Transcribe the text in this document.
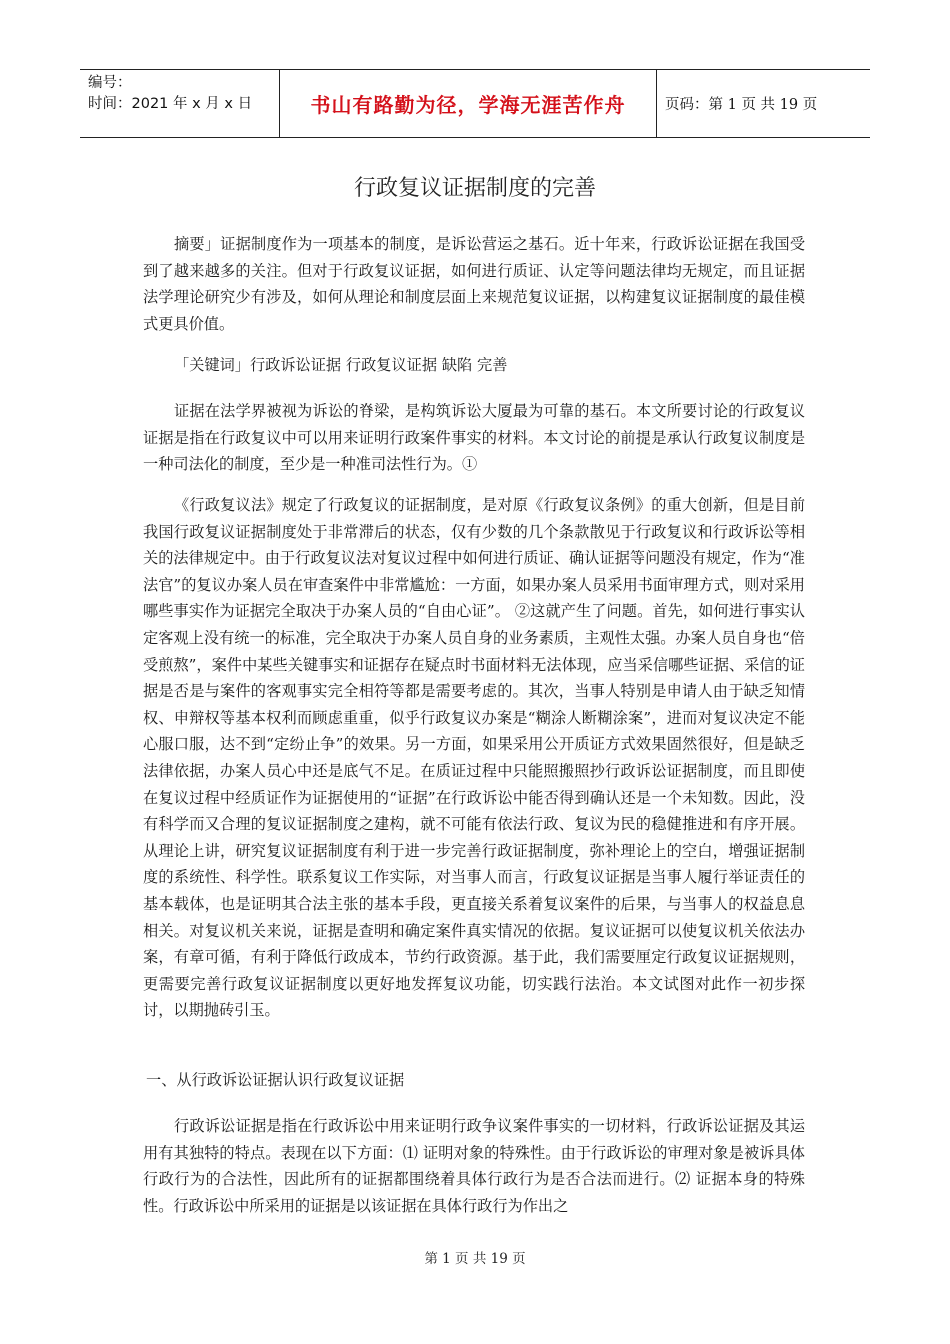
编号：
时间：2021 年 x 月 x 日	书山有路勤为径，学海无涯苦作舟	页码：第 1 页 共 19 页
行政复议证据制度的完善

摘要」证据制度作为一项基本的制度，是诉讼营运之基石。近十年来，行政诉讼证据在我国受到了越来越多的关注。但对于行政复议证据，如何进行质证、认定等问题法律均无规定，而且证据法学理论研究少有涉及，如何从理论和制度层面上来规范复议证据，以构建复议证据制度的最佳模式更具价值。

「关键词」行政诉讼证据 行政复议证据 缺陷 完善

证据在法学界被视为诉讼的脊梁，是构筑诉讼大厦最为可靠的基石。本文所要讨论的行政复议证据是指在行政复议中可以用来证明行政案件事实的材料。本文讨论的前提是承认行政复议制度是一种司法化的制度，至少是一种准司法性行为。①

《行政复议法》规定了行政复议的证据制度，是对原《行政复议条例》的重大创新，但是目前我国行政复议证据制度处于非常滞后的状态，仅有少数的几个条款散见于行政复议和行政诉讼等相关的法律规定中。由于行政复议法对复议过程中如何进行质证、确认证据等问题没有规定，作为“准法官”的复议办案人员在审查案件中非常尴尬：一方面，如果办案人员采用书面审理方式，则对采用哪些事实作为证据完全取决于办案人员的“自由心证”。 ②这就产生了问题。首先，如何进行事实认定客观上没有统一的标准，完全取决于办案人员自身的业务素质，主观性太强。办案人员自身也“倍受煎熬”，案件中某些关键事实和证据存在疑点时书面材料无法体现，应当采信哪些证据、采信的证据是否是与案件的客观事实完全相符等都是需要考虑的。其次，当事人特别是申请人由于缺乏知情权、申辩权等基本权利而顾虑重重，似乎行政复议办案是“糊涂人断糊涂案”，进而对复议决定不能心服口服，达不到“定纷止争”的效果。另一方面，如果采用公开质证方式效果固然很好，但是缺乏法律依据，办案人员心中还是底气不足。在质证过程中只能照搬照抄行政诉讼证据制度，而且即使在复议过程中经质证作为证据使用的“证据”在行政诉讼中能否得到确认还是一个未知数。因此，没有科学而又合理的复议证据制度之建构，就不可能有依法行政、复议为民的稳健推进和有序开展。从理论上讲，研究复议证据制度有利于进一步完善行政证据制度，弥补理论上的空白，增强证据制度的系统性、科学性。联系复议工作实际，对当事人而言，行政复议证据是当事人履行举证责任的基本载体，也是证明其合法主张的基本手段，更直接关系着复议案件的后果，与当事人的权益息息相关。对复议机关来说，证据是查明和确定案件真实情况的依据。复议证据可以使复议机关依法办案，有章可循，有利于降低行政成本，节约行政资源。基于此，我们需要厘定行政复议证据规则，更需要完善行政复议证据制度以更好地发挥复议功能，切实践行法治。本文试图对此作一初步探讨，以期抛砖引玉。

一、从行政诉讼证据认识行政复议证据

行政诉讼证据是指在行政诉讼中用来证明行政争议案件事实的一切材料，行政诉讼证据及其运用有其独特的特点。表现在以下方面：⑴ 证明对象的特殊性。由于行政诉讼的审理对象是被诉具体行政行为的合法性，因此所有的证据都围绕着具体行政行为是否合法而进行。⑵ 证据本身的特殊性。行政诉讼中所采用的证据是以该证据在具体行政行为作出之

第 1 页 共 19 页
